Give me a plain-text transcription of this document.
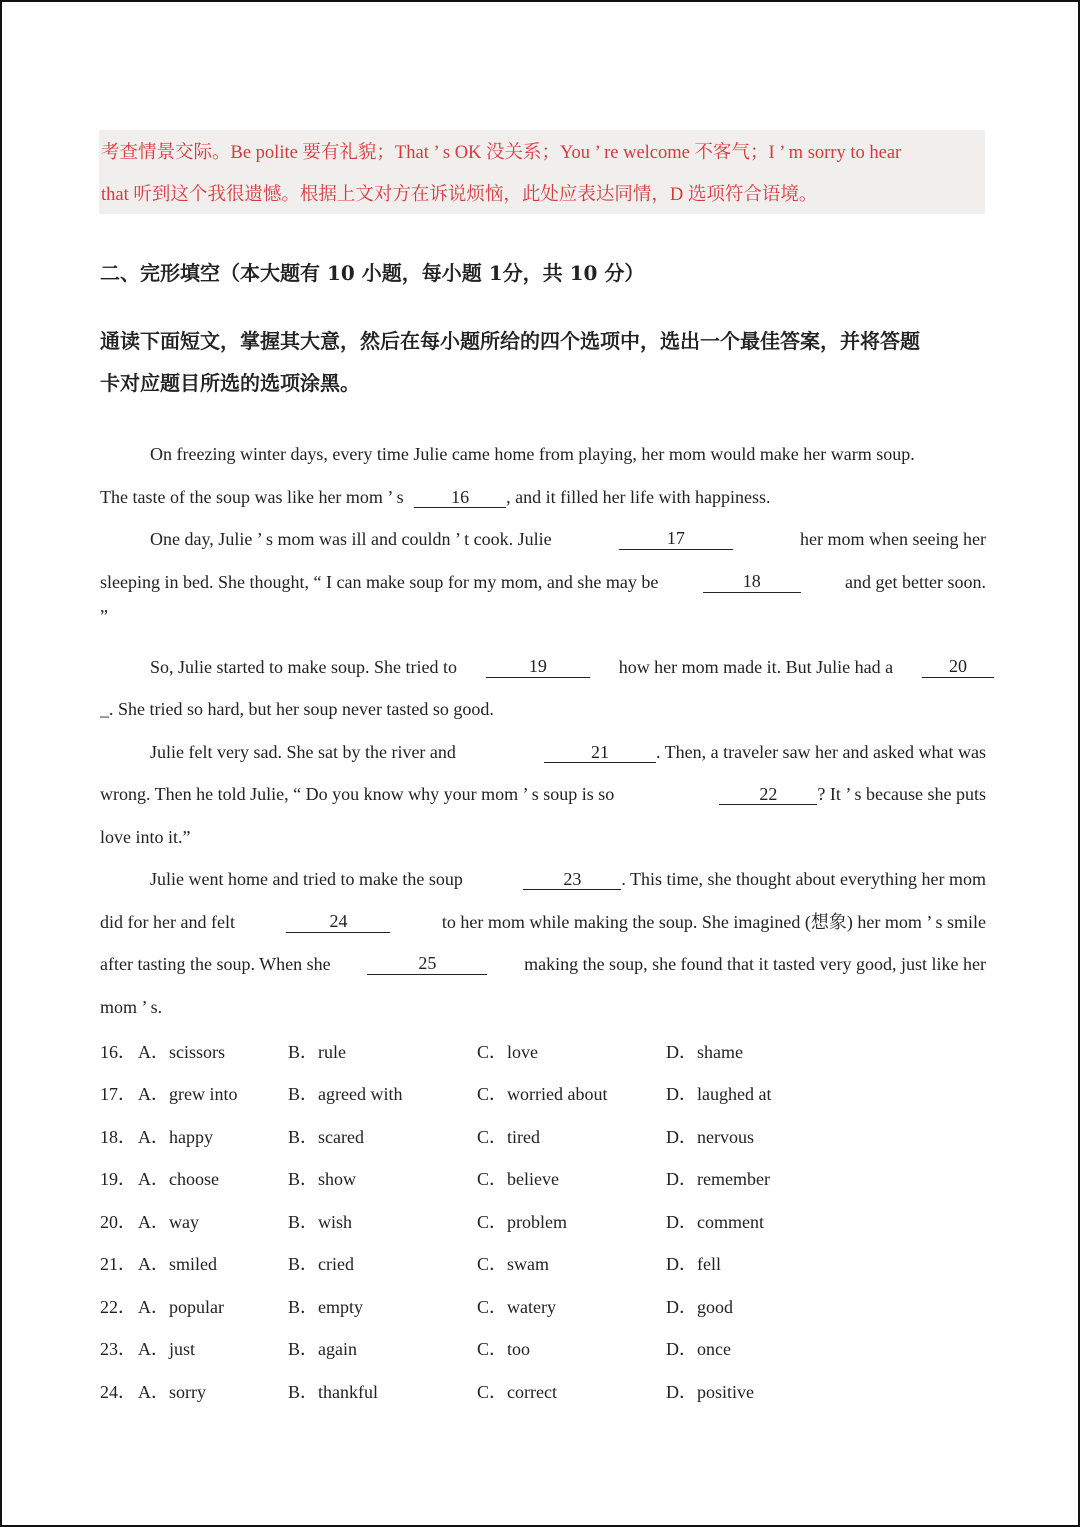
考查情景交际。Be polite 要有礼貌；That ’ s OK 没关系；You ’ re welcome 不客气；I ’ m sorry to hear
that 听到这个我很遗憾。根据上文对方在诉说烦恼，此处应表达同情，D 选项符合语境。
二、完形填空（本大题有 10 小题，每小题 1分，共 10 分）
通读下面短文，掌握其大意，然后在每小题所给的四个选项中，选出一个最佳答案，并将答题
卡对应题目所选的选项涂黑。
On freezing winter days, every time Julie came home from playing, her mom would make her warm soup.
The taste of the soup was like her mom ’ s	16 , and it filled her life with happiness.
One day, Julie ’ s mom was ill and couldn ’ t cook. Julie	17	her mom when seeing her
sleeping in bed. She thought, “ I can make soup for my mom, and she may be	18	and get better soon.
”
So, Julie started to make soup. She tried to	19	how her mom made it. But Julie had a	20
_. She tried so hard, but her soup never tasted so good.
Julie felt very sad. She sat by the river and	21	. Then, a traveler saw her and asked what was
wrong. Then he told Julie, “ Do you know why your mom ’ s soup is so	22 ? It ’ s because she puts
love into it.”
Julie went home and tried to make the soup	23 . This time, she thought about everything her mom
did for her and felt	24	to her mom while making the soup. She imagined (想象) her mom ’ s smile
after tasting the soup. When she	25	making the soup, she found that it tasted very good, just like her
mom ’ s.
16． A．scissors	B．rule	C．love	D．shame
17． A．grew into	B．agreed with	C．worried about	D．laughed at
18． A．happy	B．scared	C．tired	D．nervous
19． A．choose	B．show	C．believe	D．remember
20． A．way	B．wish	C．problem	D．comment
21． A．smiled	B．cried	C．swam	D．fell
22． A．popular	B．empty	C．watery	D．good
23． A．just	B．again	C．too	D．once
24． A．sorry	B．thankful	C．correct	D．positive
